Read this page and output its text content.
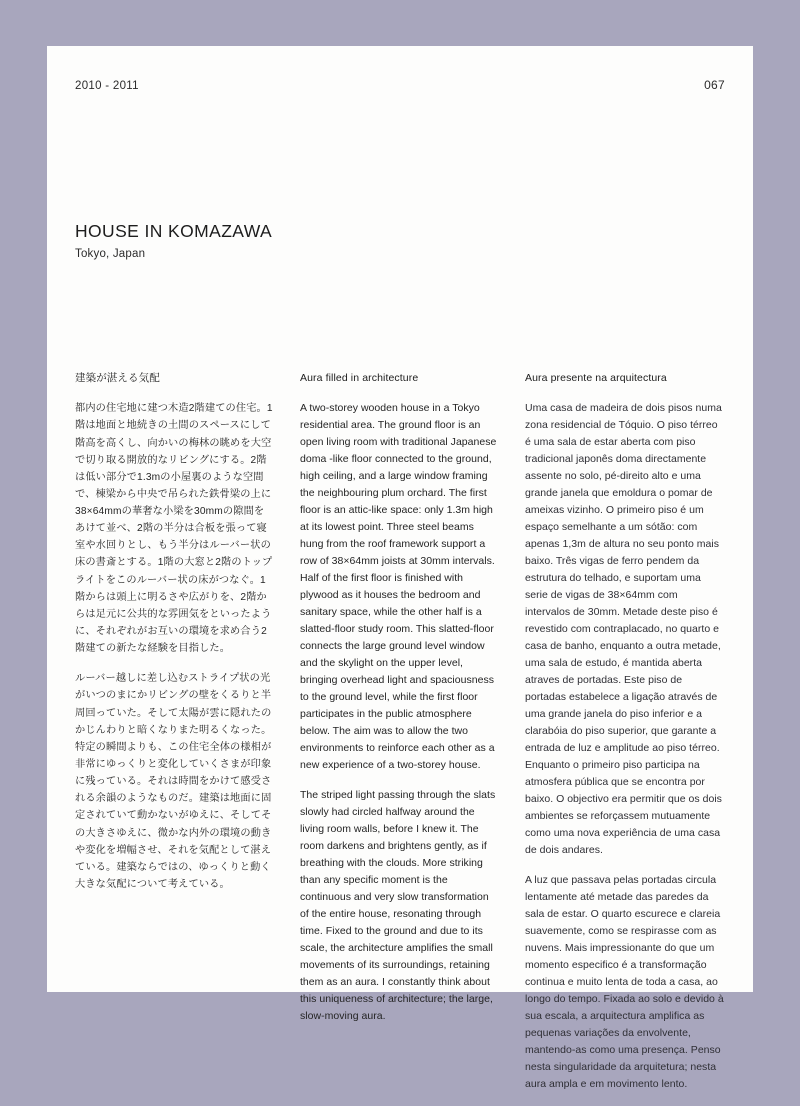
2010 - 2011	067
HOUSE IN KOMAZAWA
Tokyo, Japan
建築が湛える気配

都内の住宅地に建つ木造2階建ての住宅。1階は地面と地続きの土間のスペースにして階高を高くし、向かいの梅林の眺めを大空で切り取る開放的なリビングにする。2階は低い部分で1.3mの小屋裏のような空間で、棟梁から中央で吊られた鉄骨梁の上に38×64mmの華奢な小梁を30mmの隙間をあけて並べ、2階の半分は合板を張って寝室や水回りとし、もう半分はルーバー状の床の書斎とする。1階の大窓と2階のトップライトをこのルーバー状の床がつなぐ。1階からは頭上に明るさや広がりを、2階からは足元に公共的な雰囲気をといったように、それぞれがお互いの環境を求め合う2階建ての新たな経験を目指した。

ルーバー越しに差し込むストライプ状の光がいつのまにかリビングの壁をくるりと半周回っていた。そして太陽が雲に隠れたのかじんわりと暗くなりまた明るくなった。特定の瞬間よりも、この住宅全体の様相が非常にゆっくりと変化していくさまが印象に残っている。それは時間をかけて感受される余韻のようなものだ。建築は地面に固定されていて動かないがゆえに、そしてその大きさゆえに、微かな内外の環境の動きや変化を増幅させ、それを気配として湛えている。建築ならではの、ゆっくりと動く大きな気配について考えている。

Aura filled in architecture

A two-storey wooden house in a Tokyo residential area. The ground floor is an open living room with traditional Japanese doma -like floor connected to the ground, high ceiling, and a large window framing the neighbouring plum orchard. The first floor is an attic-like space: only 1.3m high at its lowest point. Three steel beams hung from the roof framework support a row of 38×64mm joists at 30mm intervals. Half of the first floor is finished with plywood as it houses the bedroom and sanitary space, while the other half is a slatted-floor study room. This slatted-floor connects the large ground level window and the skylight on the upper level, bringing overhead light and spaciousness to the ground level, while the first floor participates in the public atmosphere below. The aim was to allow the two environments to reinforce each other as a new experience of a two-storey house.

The striped light passing through the slats slowly had circled halfway around the living room walls, before I knew it. The room darkens and brightens gently, as if breathing with the clouds. More striking than any specific moment is the continuous and very slow transformation of the entire house, resonating through time. Fixed to the ground and due to its scale, the architecture amplifies the small movements of its surroundings, retaining them as an aura. I constantly think about this uniqueness of architecture; the large, slow-moving aura.

Aura presente na arquitectura

Uma casa de madeira de dois pisos numa zona residencial de Tóquio. O piso térreo é uma sala de estar aberta com piso tradicional japonês doma directamente assente no solo, pé-direito alto e uma grande janela que emoldura o pomar de ameixas vizinho. O primeiro piso é um espaço semelhante a um sótão: com apenas 1,3m de altura no seu ponto mais baixo. Três vigas de ferro pendem da estrutura do telhado, e suportam uma serie de vigas de 38×64mm com intervalos de 30mm. Metade deste piso é revestido com contraplacado, no quarto e casa de banho, enquanto a outra metade, uma sala de estudo, é mantida aberta atraves de portadas. Este piso de portadas estabelece a ligação através de uma grande janela do piso inferior e a clarabóia do piso superior, que garante a entrada de luz e amplitude ao piso térreo. Enquanto o primeiro piso participa na atmosfera pública que se encontra por baixo. O objectivo era permitir que os dois ambientes se reforçassem mutuamente como uma nova experiência de uma casa de dois andares.

A luz que passava pelas portadas circula lentamente até metade das paredes da sala de estar. O quarto escurece e clareia suavemente, como se respirasse com as nuvens. Mais impressionante do que um momento especifico é a transformação continua e muito lenta de toda a casa, ao longo do tempo. Fixada ao solo e devido à sua escala, a arquitectura amplifica as pequenas variações da envolvente, mantendo-as como uma presença. Penso nesta singularidade da arquitetura; nesta aura ampla e em movimento lento.
